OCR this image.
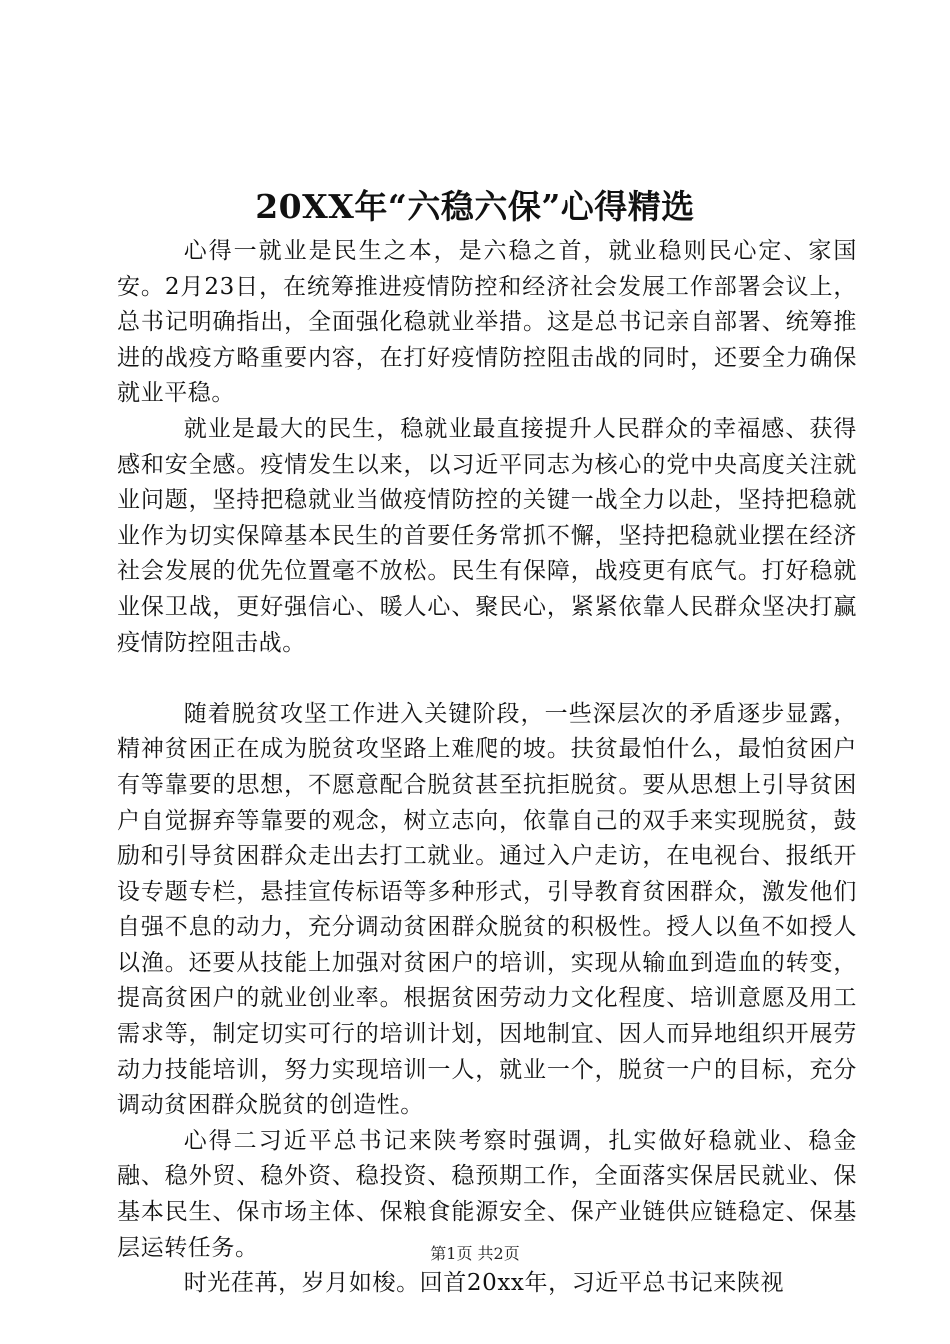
20XX年“六稳六保”心得精选

心得一就业是民生之本，是六稳之首，就业稳则民心定、家国安。2月23日，在统筹推进疫情防控和经济社会发展工作部署会议上，总书记明确指出，全面强化稳就业举措。这是总书记亲自部署、统筹推进的战疫方略重要内容，在打好疫情防控阻击战的同时，还要全力确保就业平稳。

就业是最大的民生，稳就业最直接提升人民群众的幸福感、获得感和安全感。疫情发生以来，以习近平同志为核心的党中央高度关注就业问题，坚持把稳就业当做疫情防控的关键一战全力以赴，坚持把稳就业作为切实保障基本民生的首要任务常抓不懈，坚持把稳就业摆在经济社会发展的优先位置毫不放松。民生有保障，战疫更有底气。打好稳就业保卫战，更好强信心、暖人心、聚民心，紧紧依靠人民群众坚决打赢疫情防控阻击战。

随着脱贫攻坚工作进入关键阶段，一些深层次的矛盾逐步显露，精神贫困正在成为脱贫攻坚路上难爬的坡。扶贫最怕什么，最怕贫困户有等靠要的思想，不愿意配合脱贫甚至抗拒脱贫。要从思想上引导贫困户自觉摒弃等靠要的观念，树立志向，依靠自己的双手来实现脱贫，鼓励和引导贫困群众走出去打工就业。通过入户走访，在电视台、报纸开设专题专栏，悬挂宣传标语等多种形式，引导教育贫困群众，激发他们自强不息的动力，充分调动贫困群众脱贫的积极性。授人以鱼不如授人以渔。还要从技能上加强对贫困户的培训，实现从输血到造血的转变，提高贫困户的就业创业率。根据贫困劳动力文化程度、培训意愿及用工需求等，制定切实可行的培训计划，因地制宜、因人而异地组织开展劳动力技能培训，努力实现培训一人，就业一个，脱贫一户的目标，充分调动贫困群众脱贫的创造性。

心得二习近平总书记来陕考察时强调，扎实做好稳就业、稳金融、稳外贸、稳外资、稳投资、稳预期工作，全面落实保居民就业、保基本民生、保市场主体、保粮食能源安全、保产业链供应链稳定、保基层运转任务。

时光荏苒，岁月如梭。回首20xx年，习近平总书记来陕视

第1页 共2页
